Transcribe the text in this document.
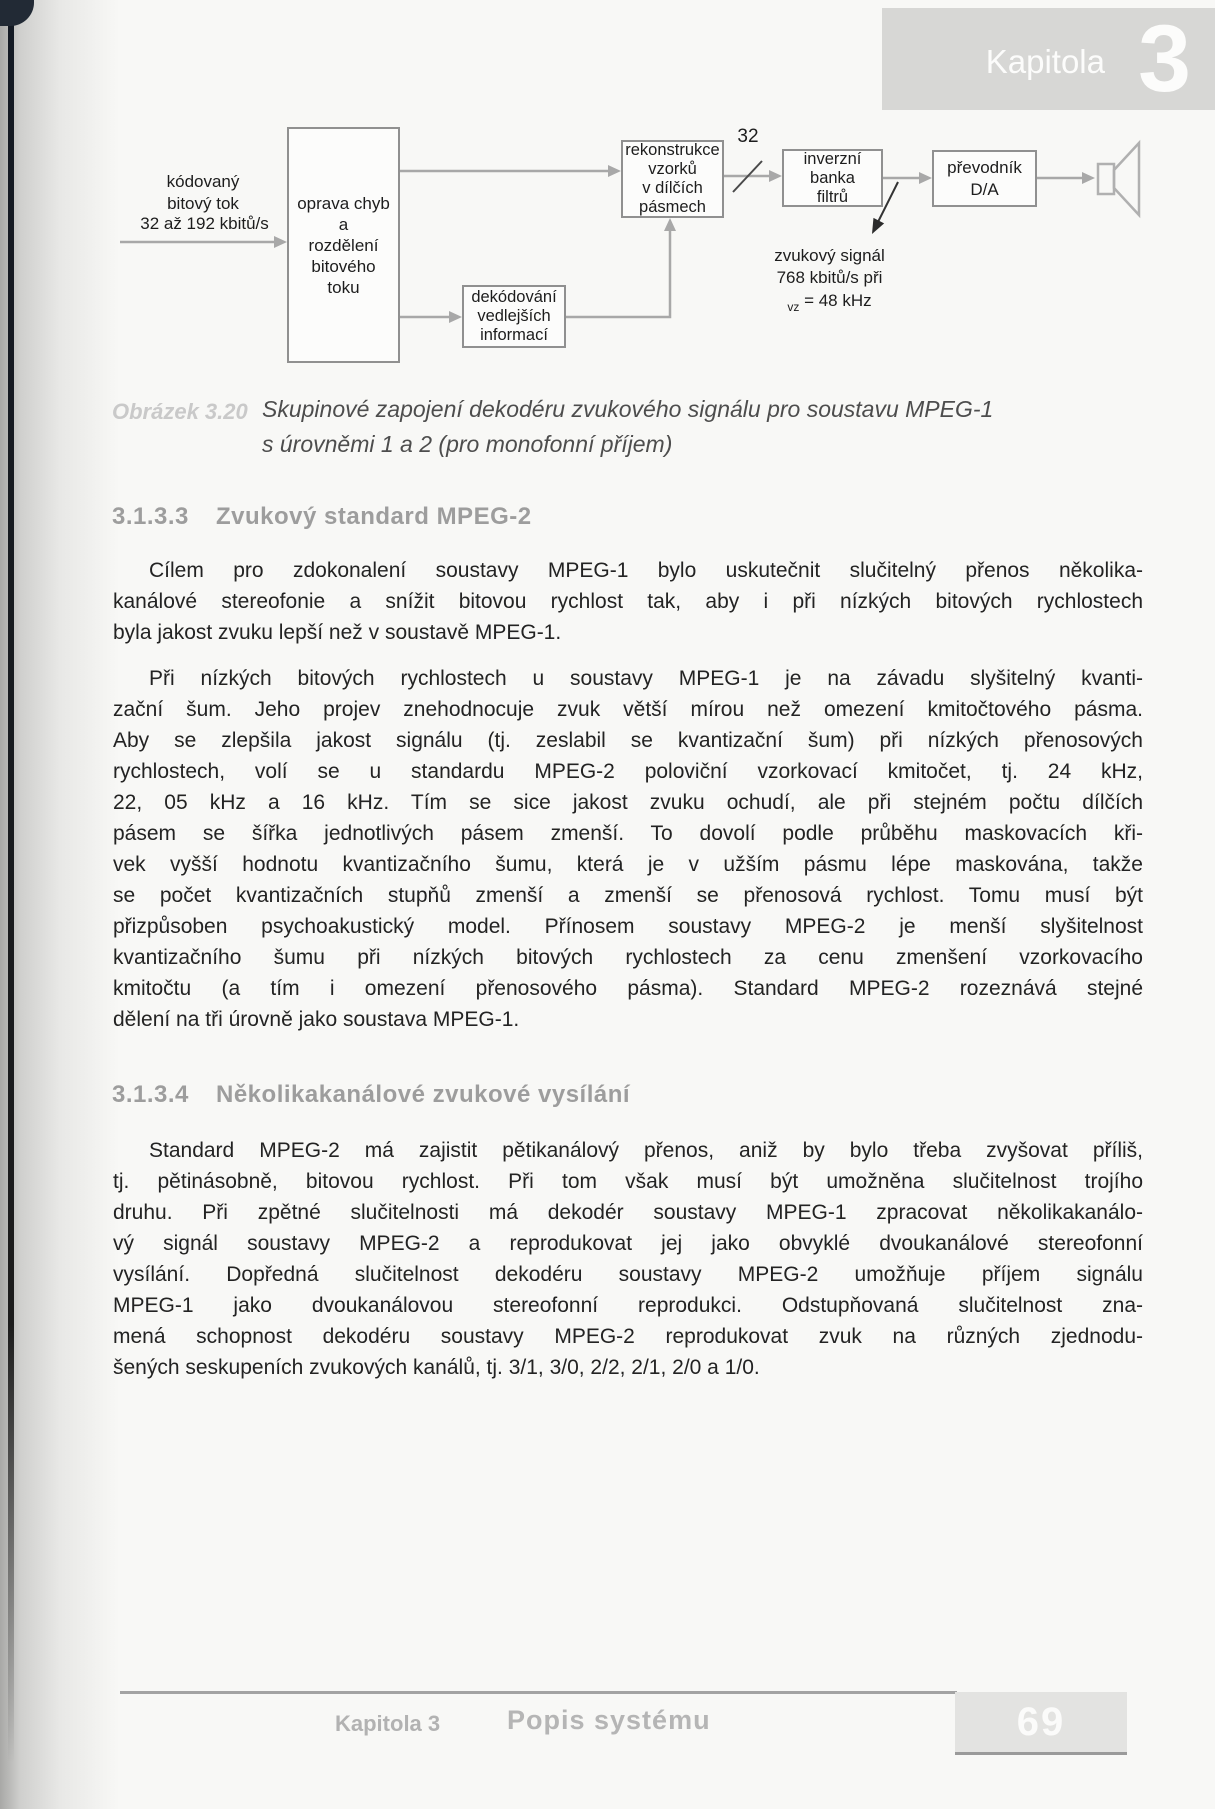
Kapitola 3
oprava chyb
a
rozdělení
bitového
toku
dekódování
vedlejších
informací
rekonstrukce
vzorků
v dílčích
pásmech
inverzní
banka
filtrů
převodník
D/A
kódovaný
bitový tok
32 až 192 kbitů/s
32
zvukový signál
768 kbitů/s při
$_{vz}$ = 48 kHz
Obrázek 3.20 Skupinové zapojení dekodéru zvukového signálu pro soustavu MPEG-1
s úrovněmi 1 a 2 (pro monofonní příjem)
3.1.3.3 Zvukový standard MPEG-2
Cílem pro zdokonalení soustavy MPEG-1 bylo uskutečnit slučitelný přenos několika-
kanálové stereofonie a snížit bitovou rychlost tak, aby i při nízkých bitových rychlostech
byla jakost zvuku lepší než v soustavě MPEG-1.
Při nízkých bitových rychlostech u soustavy MPEG-1 je na závadu slyšitelný kvanti-
zační šum. Jeho projev znehodnocuje zvuk větší mírou než omezení kmitočtového pásma.
Aby se zlepšila jakost signálu (tj. zeslabil se kvantizační šum) při nízkých přenosových
rychlostech, volí se u standardu MPEG-2 poloviční vzorkovací kmitočet, tj. 24 kHz,
22, 05 kHz a 16 kHz. Tím se sice jakost zvuku ochudí, ale při stejném počtu dílčích
pásem se šířka jednotlivých pásem zmenší. To dovolí podle průběhu maskovacích kři-
vek vyšší hodnotu kvantizačního šumu, která je v užším pásmu lépe maskována, takže
se počet kvantizačních stupňů zmenší a zmenší se přenosová rychlost. Tomu musí být
přizpůsoben psychoakustický model. Přínosem soustavy MPEG-2 je menší slyšitelnost
kvantizačního šumu při nízkých bitových rychlostech za cenu zmenšení vzorkovacího
kmitočtu (a tím i omezení přenosového pásma). Standard MPEG-2 rozeznává stejné
dělení na tři úrovně jako soustava MPEG-1.
3.1.3.4 Několikakanálové zvukové vysílání
Standard MPEG-2 má zajistit pětikanálový přenos, aniž by bylo třeba zvyšovat příliš,
tj. pětinásobně, bitovou rychlost. Při tom však musí být umožněna slučitelnost trojího
druhu. Při zpětné slučitelnosti má dekodér soustavy MPEG-1 zpracovat několikakanálo-
vý signál soustavy MPEG-2 a reprodukovat jej jako obvyklé dvoukanálové stereofonní
vysílání. Dopředná slučitelnost dekodéru soustavy MPEG-2 umožňuje příjem signálu
MPEG-1 jako dvoukanálovou stereofonní reprodukci. Odstupňovaná slučitelnost zna-
mená schopnost dekodéru soustavy MPEG-2 reprodukovat zvuk na různých zjednodu-
šených seskupeních zvukových kanálů, tj. 3/1, 3/0, 2/2, 2/1, 2/0 a 1/0.
Kapitola 3 Popis systému	69
